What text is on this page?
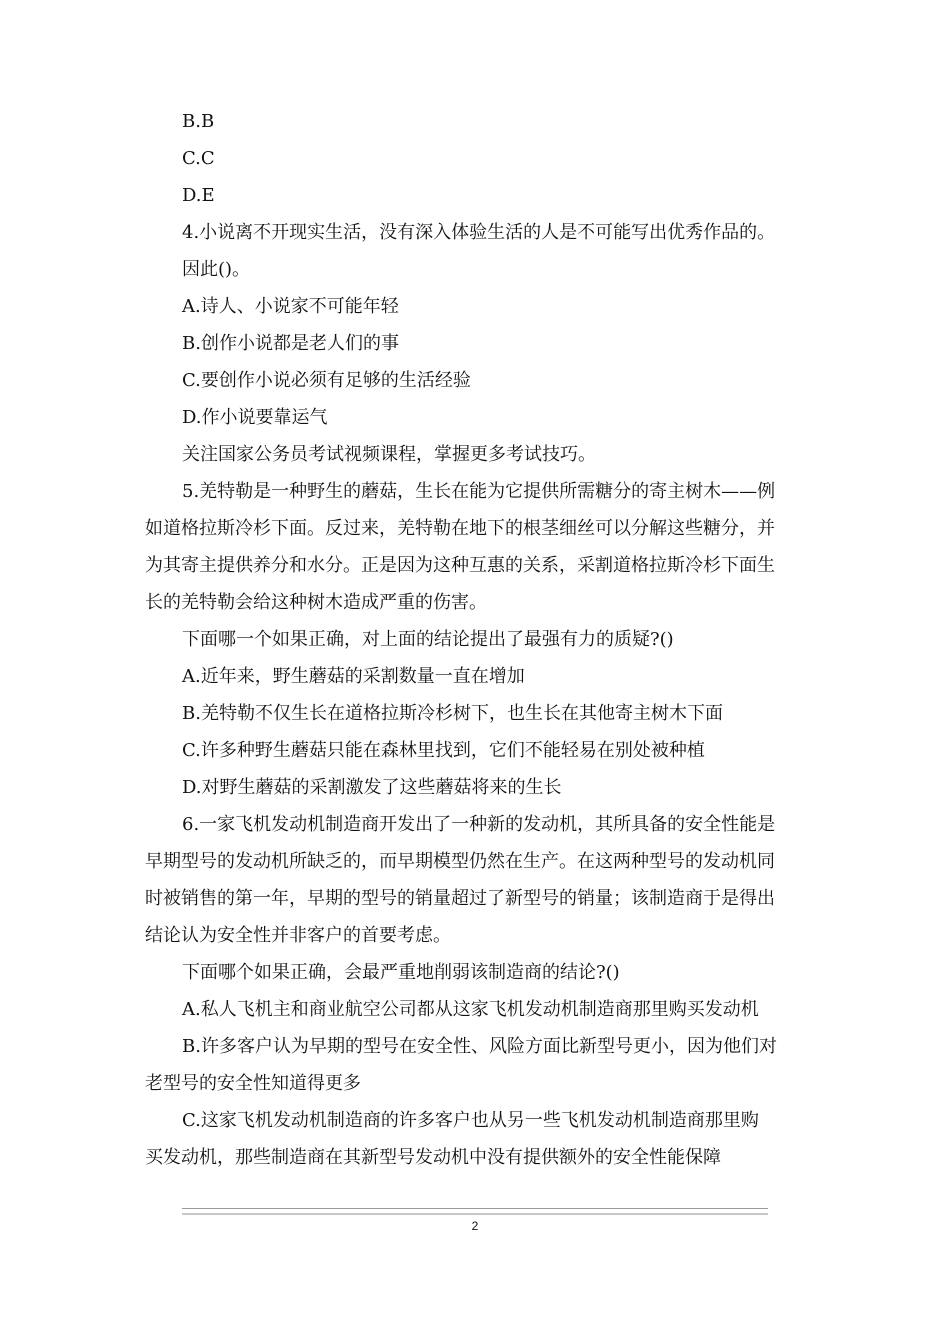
B.B
C.C
D.E
4.小说离不开现实生活，没有深入体验生活的人是不可能写出优秀作品的。
因此()。
A.诗人、小说家不可能年轻
B.创作小说都是老人们的事
C.要创作小说必须有足够的生活经验
D.作小说要靠运气
关注国家公务员考试视频课程，掌握更多考试技巧。
5.羌特勒是一种野生的蘑菇，生长在能为它提供所需糖分的寄主树木——例
如道格拉斯冷杉下面。反过来，羌特勒在地下的根茎细丝可以分解这些糖分，并
为其寄主提供养分和水分。正是因为这种互惠的关系，采割道格拉斯冷杉下面生
长的羌特勒会给这种树木造成严重的伤害。
下面哪一个如果正确，对上面的结论提出了最强有力的质疑?()
A.近年来，野生蘑菇的采割数量一直在增加
B.羌特勒不仅生长在道格拉斯冷杉树下，也生长在其他寄主树木下面
C.许多种野生蘑菇只能在森林里找到，它们不能轻易在别处被种植
D.对野生蘑菇的采割激发了这些蘑菇将来的生长
6.一家飞机发动机制造商开发出了一种新的发动机，其所具备的安全性能是
早期型号的发动机所缺乏的，而早期模型仍然在生产。在这两种型号的发动机同
时被销售的第一年，早期的型号的销量超过了新型号的销量；该制造商于是得出
结论认为安全性并非客户的首要考虑。
下面哪个如果正确，会最严重地削弱该制造商的结论?()
A.私人飞机主和商业航空公司都从这家飞机发动机制造商那里购买发动机
B.许多客户认为早期的型号在安全性、风险方面比新型号更小，因为他们对
老型号的安全性知道得更多
C.这家飞机发动机制造商的许多客户也从另一些飞机发动机制造商那里购
买发动机，那些制造商在其新型号发动机中没有提供额外的安全性能保障
2
